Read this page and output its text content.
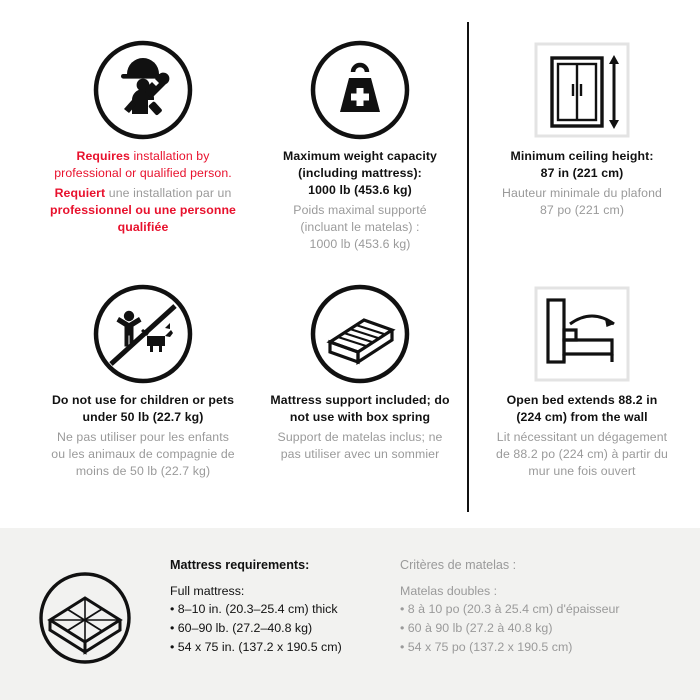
Requires installation by
professional or qualified person.
Requiert une installation par un
professionnel ou une personne
qualifiée
Maximum weight capacity
(including mattress):
1000 lb (453.6 kg)
Poids maximal supporté
(incluant le matelas) :
1000 lb (453.6 kg)
Minimum ceiling height:
87 in (221 cm)
Hauteur minimale du plafond
87 po (221 cm)
Do not use for children or pets
under 50 lb (22.7 kg)
Ne pas utiliser pour les enfants
ou les animaux de compagnie de
moins de 50 lb (22.7 kg)
Mattress support included; do
not use with box spring
Support de matelas inclus; ne
pas utiliser avec un sommier
Open bed extends 88.2 in
(224 cm) from the wall
Lit nécessitant un dégagement
de 88.2 po (224 cm) à partir du
mur une fois ouvert
Mattress requirements:
Full mattress:
• 8–10 in. (20.3–25.4 cm) thick
• 60–90 lb. (27.2–40.8 kg)
• 54 x 75 in. (137.2 x 190.5 cm)
Critères de matelas :
Matelas doubles :
• 8 à 10 po (20.3 à 25.4 cm) d'épaisseur
• 60 à 90 lb (27.2 à 40.8 kg)
• 54 x 75 po (137.2 x 190.5 cm)
